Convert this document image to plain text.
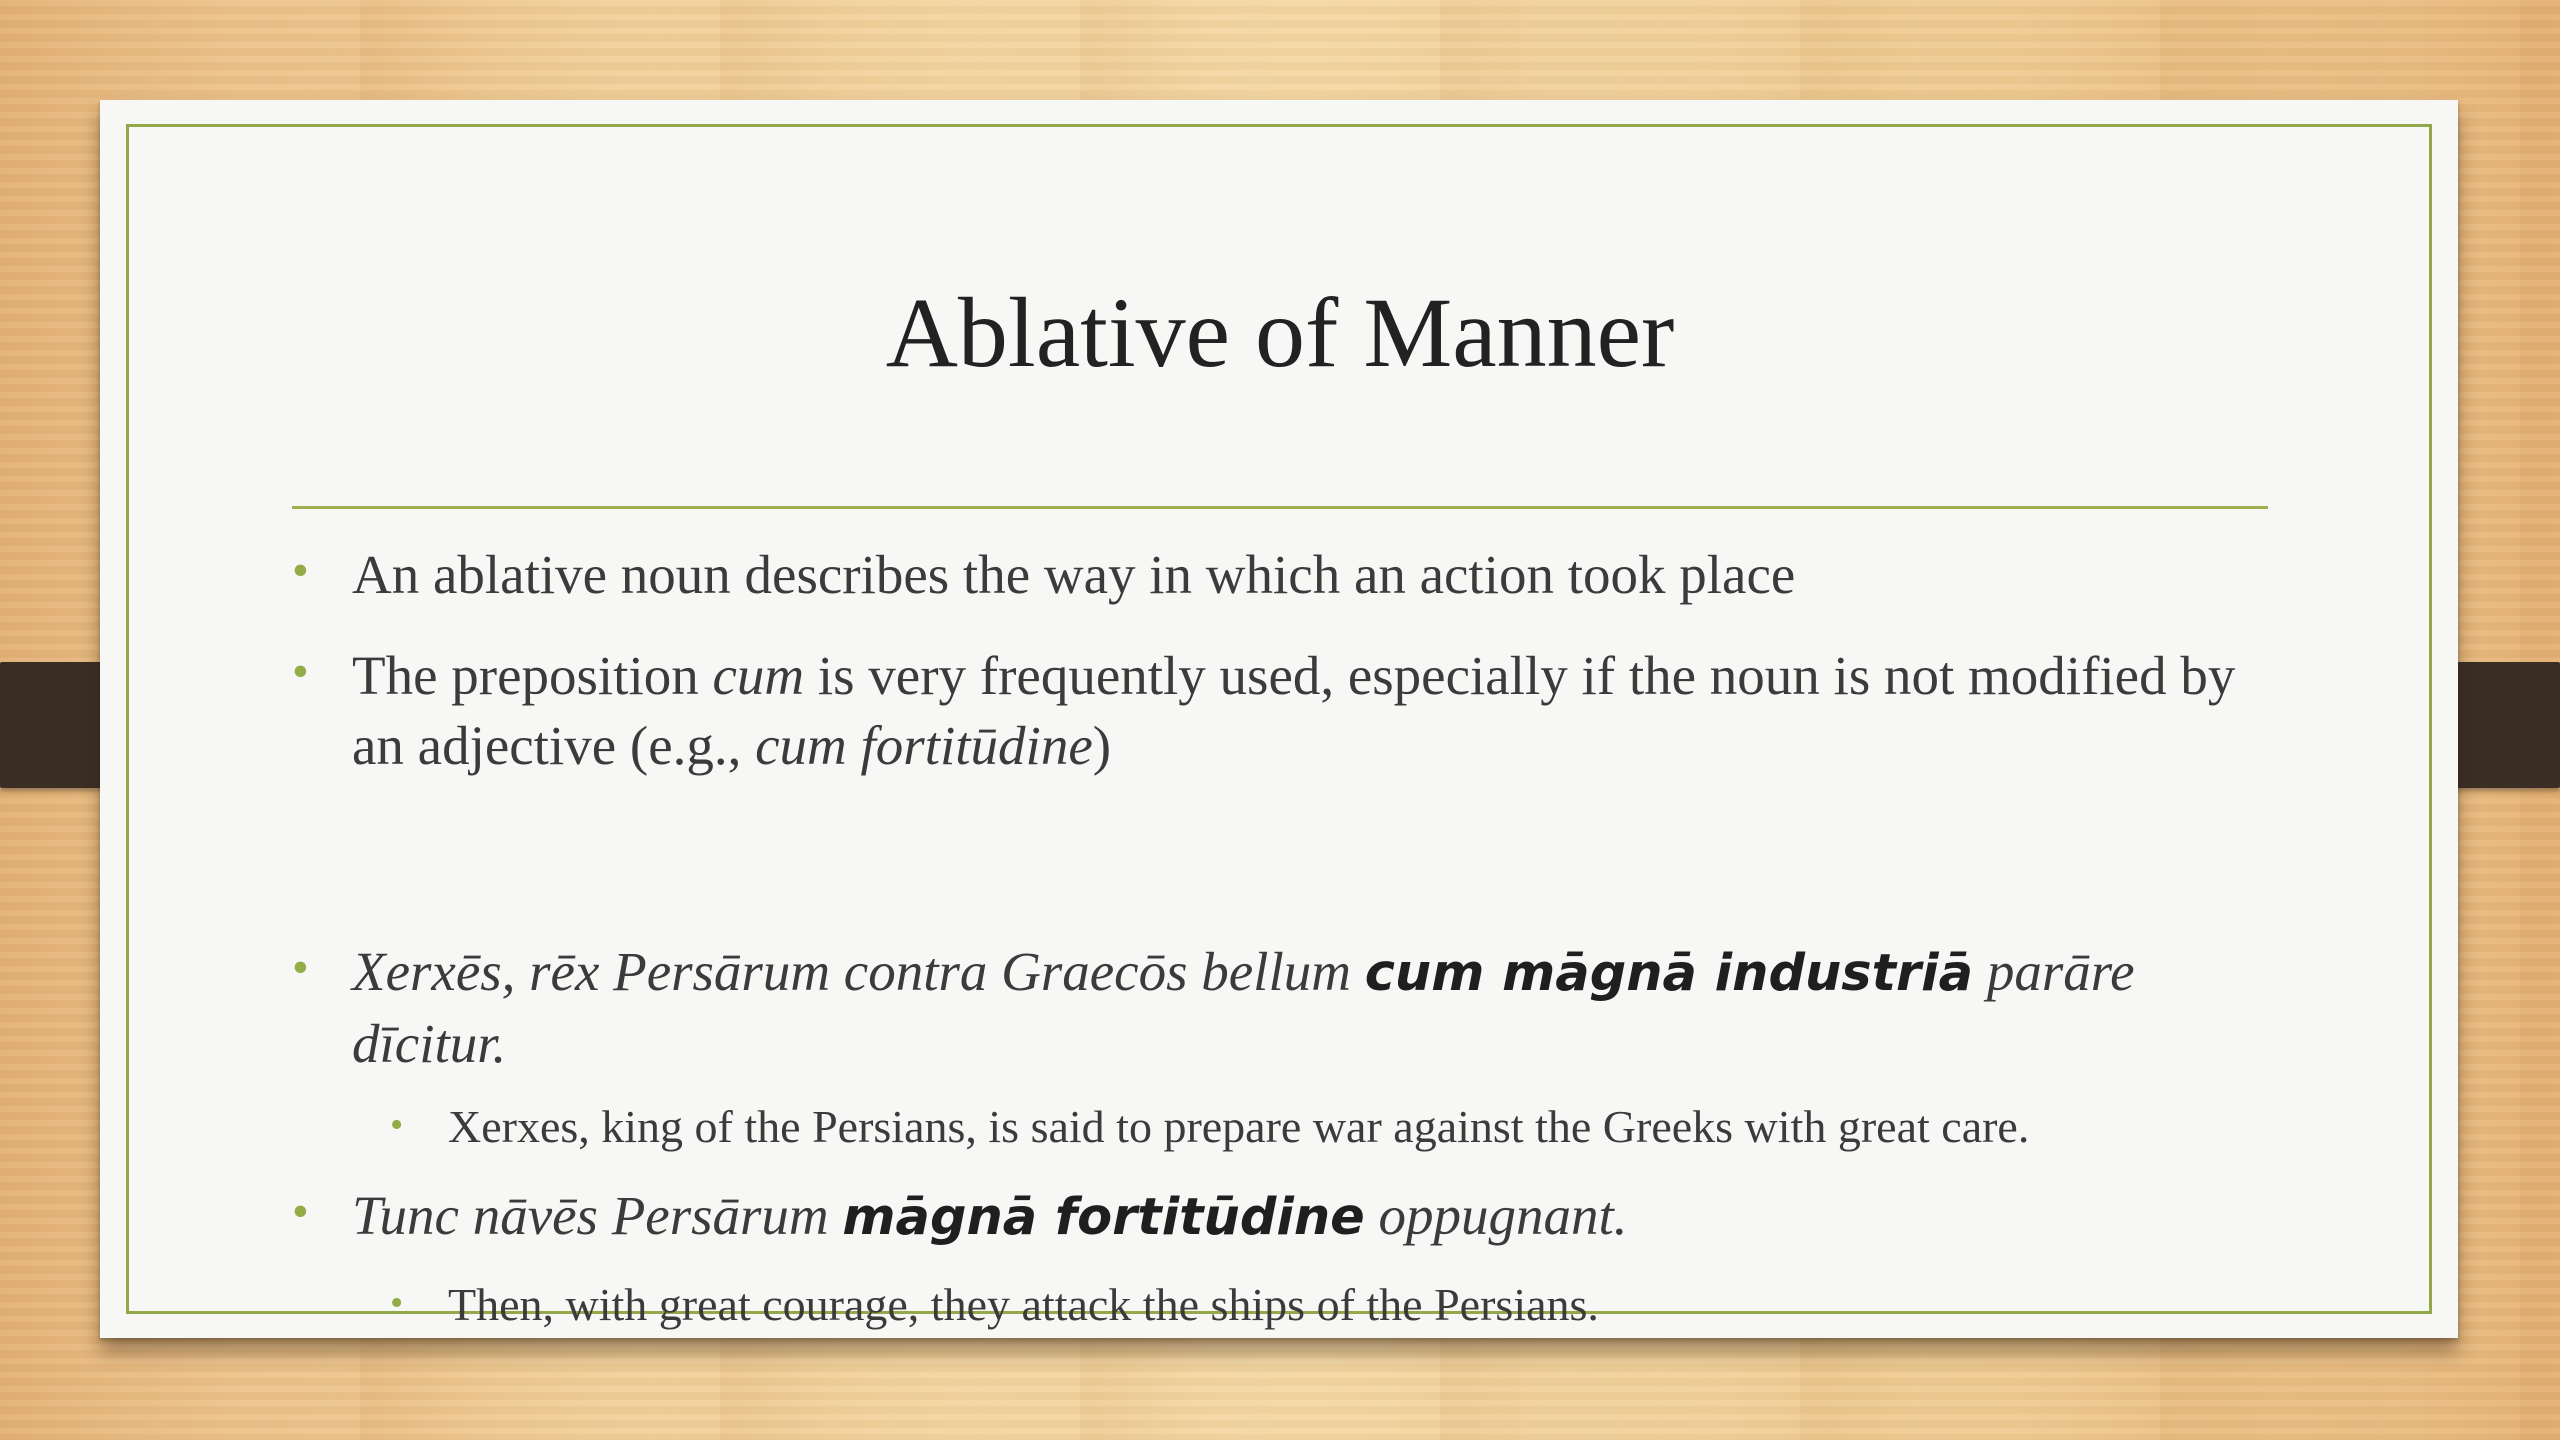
Ablative of Manner

• An ablative noun describes the way in which an action took place

• The preposition cum is very frequently used, especially if the noun is not modified by an adjective (e.g., cum fortitūdine)

• Xerxēs, rēx Persārum contra Graecōs bellum cum māgnā industriā parāre dīcitur.

• Xerxes, king of the Persians, is said to prepare war against the Greeks with great care.

• Tunc nāvēs Persārum māgnā fortitūdine oppugnant.

• Then, with great courage, they attack the ships of the Persians.
